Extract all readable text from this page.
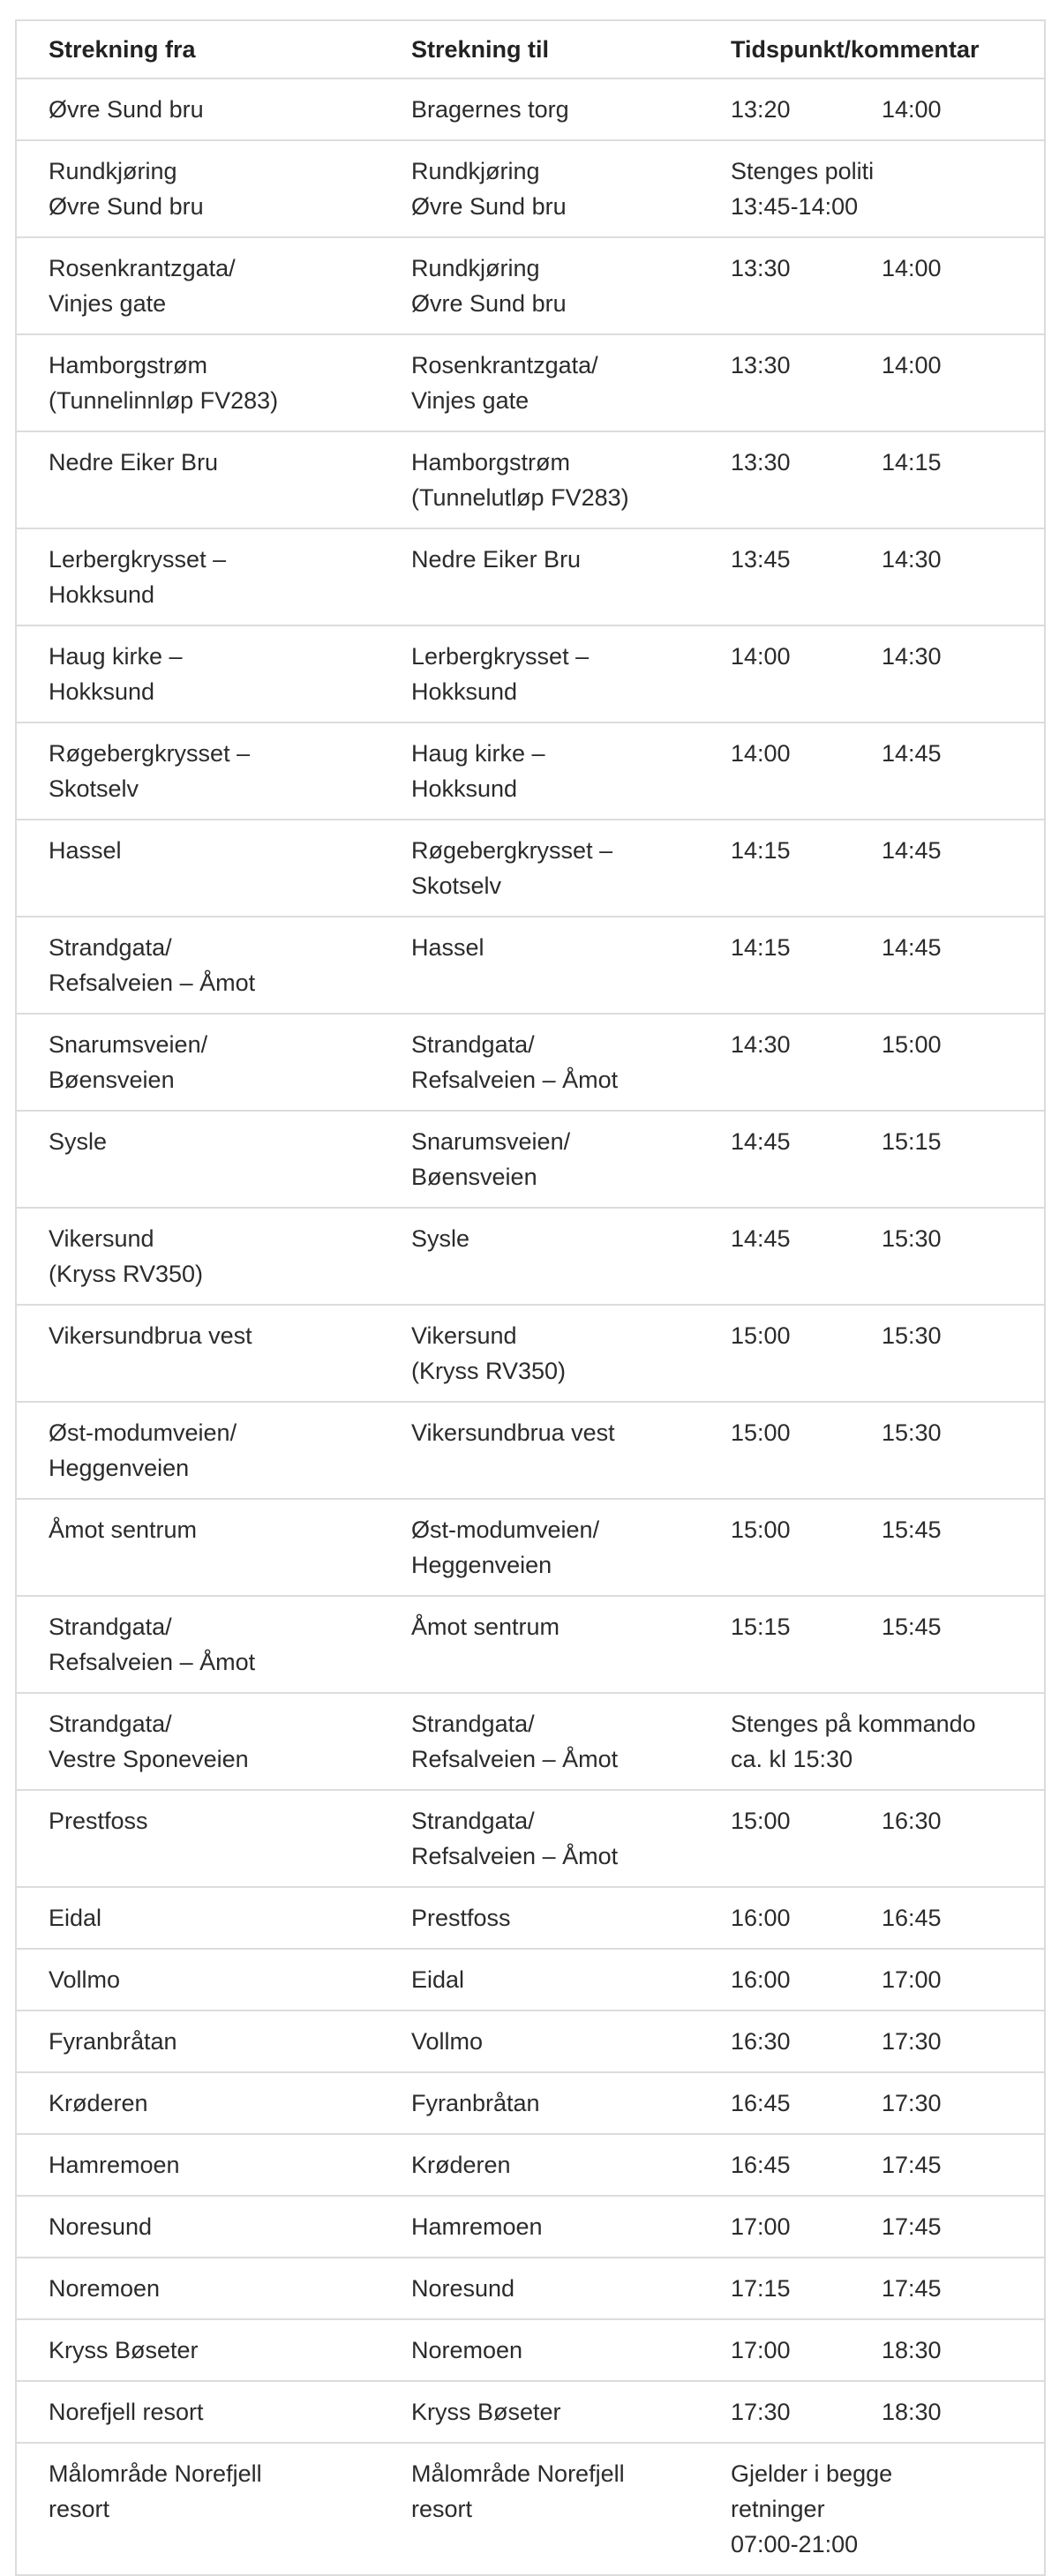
Strekning fra	Strekning til	Tidspunkt/kommentar	

Øvre Sund bru	Bragernes torg	13:20	14:00

Rundkjøring
Øvre Sund bru	Rundkjøring
Øvre Sund bru	Stenges politi
13:45-14:00	

Rosenkrantzgata/
Vinjes gate	Rundkjøring
Øvre Sund bru	13:30	14:00

Hamborgstrøm
(Tunnelinnløp FV283)	Rosenkrantzgata/
Vinjes gate	13:30	14:00

Nedre Eiker Bru	Hamborgstrøm
(Tunnelutløp FV283)	13:30	14:15

Lerbergkrysset –
Hokksund	Nedre Eiker Bru	13:45	14:30

Haug kirke –
Hokksund	Lerbergkrysset –
Hokksund	14:00	14:30

Røgebergkrysset –
Skotselv	Haug kirke –
Hokksund	14:00	14:45

Hassel	Røgebergkrysset –
Skotselv	14:15	14:45

Strandgata/
Refsalveien – Åmot	Hassel	14:15	14:45

Snarumsveien/
Bøensveien	Strandgata/
Refsalveien – Åmot	14:30	15:00

Sysle	Snarumsveien/
Bøensveien	14:45	15:15

Vikersund
(Kryss RV350)	Sysle	14:45	15:30

Vikersundbrua vest	Vikersund
(Kryss RV350)	15:00	15:30

Øst-modumveien/
Heggenveien	Vikersundbrua vest	15:00	15:30

Åmot sentrum	Øst-modumveien/
Heggenveien	15:00	15:45

Strandgata/
Refsalveien – Åmot	Åmot sentrum	15:15	15:45

Strandgata/
Vestre Sponeveien	Strandgata/
Refsalveien – Åmot	Stenges på kommando
ca. kl 15:30	

Prestfoss	Strandgata/
Refsalveien – Åmot	15:00	16:30

Eidal	Prestfoss	16:00	16:45

Vollmo	Eidal	16:00	17:00

Fyranbråtan	Vollmo	16:30	17:30

Krøderen	Fyranbråtan	16:45	17:30

Hamremoen	Krøderen	16:45	17:45

Noresund	Hamremoen	17:00	17:45

Noremoen	Noresund	17:15	17:45

Kryss Bøseter	Noremoen	17:00	18:30

Norefjell resort	Kryss Bøseter	17:30	18:30

Målområde Norefjell
resort	Målområde Norefjell
resort	Gjelder i begge
retninger
07:00-21:00	
